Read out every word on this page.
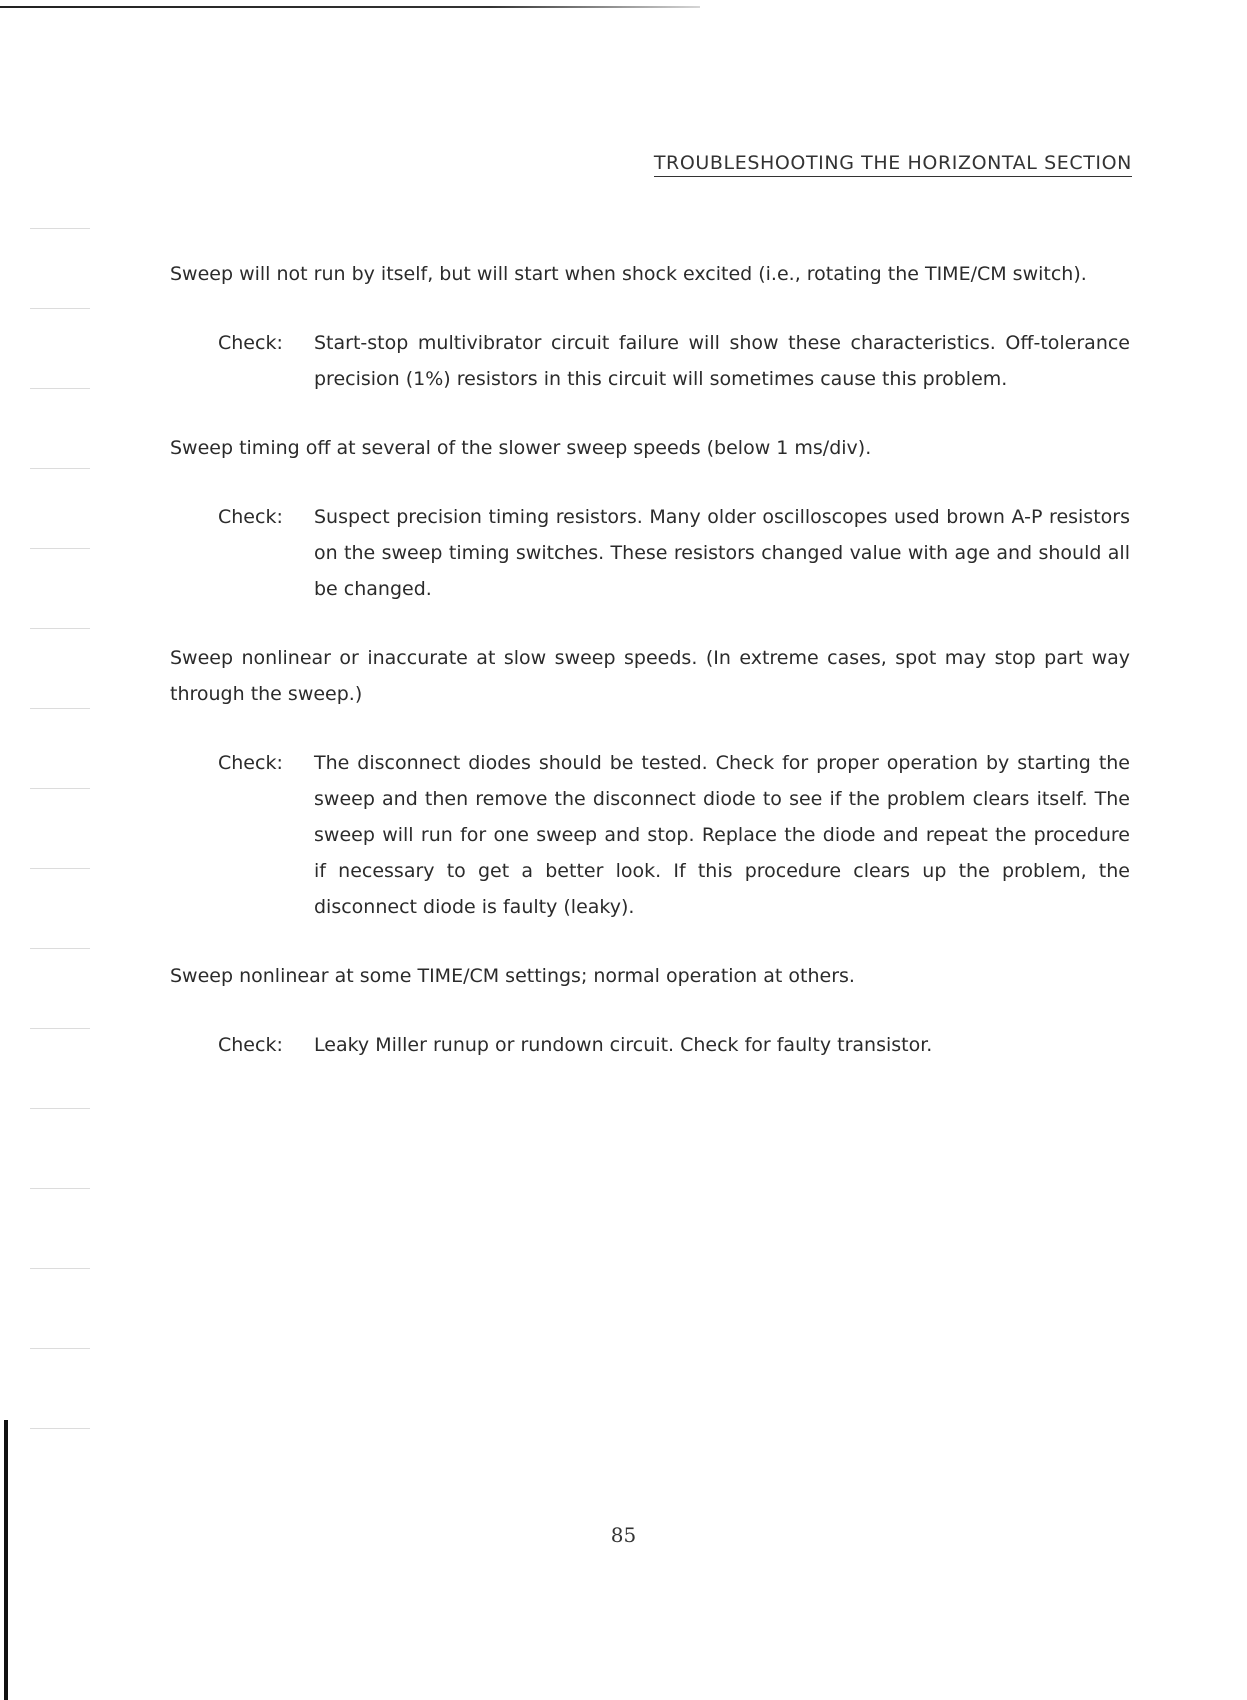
TROUBLESHOOTING THE HORIZONTAL SECTION

Sweep will not run by itself, but will start when shock excited (i.e., rotating the TIME/CM switch).

Check:	Start-stop multivibrator circuit failure will show these characteristics. Off-tolerance precision (1%) resistors in this circuit will sometimes cause this problem.

Sweep timing off at several of the slower sweep speeds (below 1 ms/div).

Check:	Suspect precision timing resistors. Many older oscilloscopes used brown A-P resistors on the sweep timing switches. These resistors changed value with age and should all be changed.

Sweep nonlinear or inaccurate at slow sweep speeds. (In extreme cases, spot may stop part way through the sweep.)

Check:	The disconnect diodes should be tested. Check for proper operation by starting the sweep and then remove the disconnect diode to see if the problem clears itself. The sweep will run for one sweep and stop. Replace the diode and repeat the procedure if necessary to get a better look. If this procedure clears up the problem, the disconnect diode is faulty (leaky).

Sweep nonlinear at some TIME/CM settings; normal operation at others.

Check:	Leaky Miller runup or rundown circuit. Check for faulty transistor.
85
